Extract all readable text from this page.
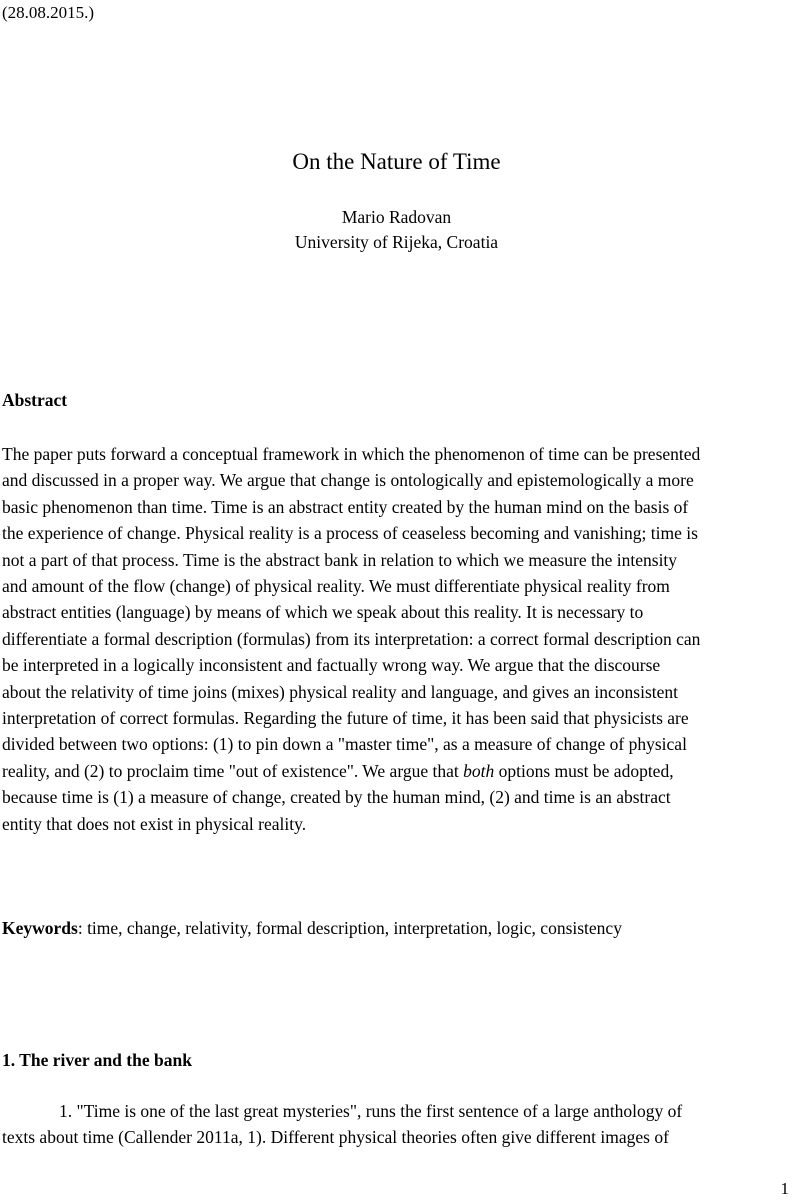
(28.08.2015.)
On the Nature of Time
Mario Radovan
University of Rijeka, Croatia
Abstract
The paper puts forward a conceptual framework in which the phenomenon of time can be presented
and discussed in a proper way. We argue that change is ontologically and epistemologically a more
basic phenomenon than time. Time is an abstract entity created by the human mind on the basis of
the experience of change. Physical reality is a process of ceaseless becoming and vanishing; time is
not a part of that process. Time is the abstract bank in relation to which we measure the intensity
and amount of the flow (change) of physical reality. We must differentiate physical reality from
abstract entities (language) by means of which we speak about this reality. It is necessary to
differentiate a formal description (formulas) from its interpretation: a correct formal description can
be interpreted in a logically inconsistent and factually wrong way. We argue that the discourse
about the relativity of time joins (mixes) physical reality and language, and gives an inconsistent
interpretation of correct formulas. Regarding the future of time, it has been said that physicists are
divided between two options: (1) to pin down a "master time", as a measure of change of physical
reality, and (2) to proclaim time "out of existence". We argue that both options must be adopted,
because time is (1) a measure of change, created by the human mind, (2) and time is an abstract
entity that does not exist in physical reality.
Keywords: time, change, relativity, formal description, interpretation, logic, consistency
1. The river and the bank
1. "Time is one of the last great mysteries", runs the first sentence of a large anthology of
texts about time (Callender 2011a, 1). Different physical theories often give different images of
1
